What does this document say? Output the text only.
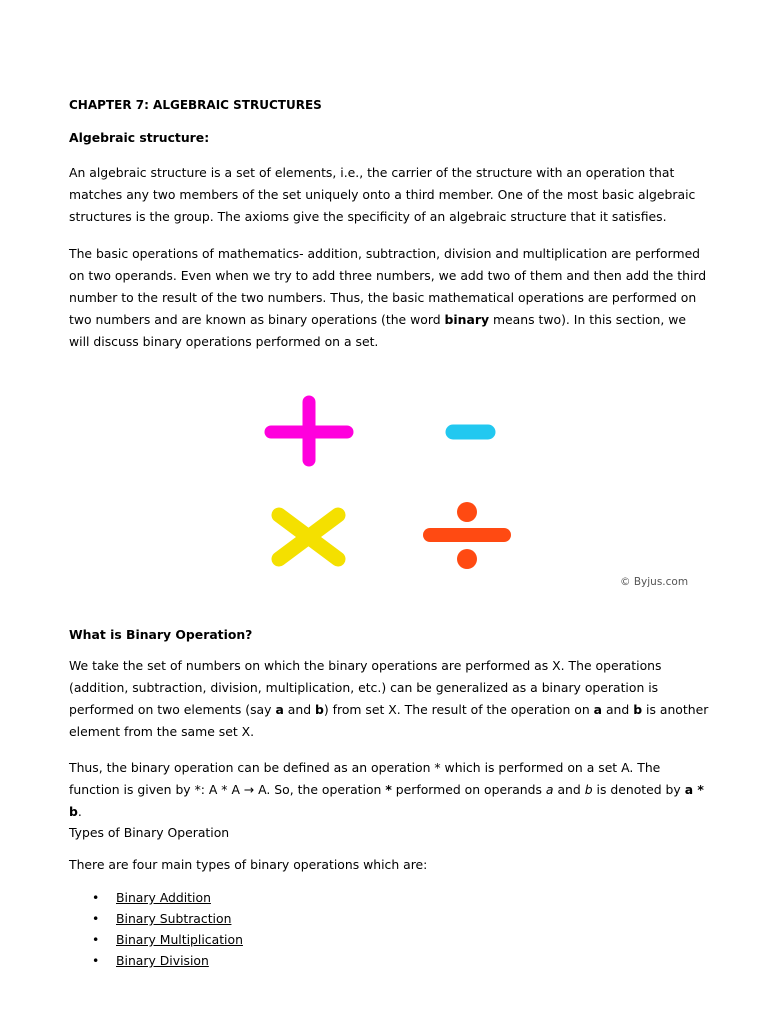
CHAPTER 7: ALGEBRAIC STRUCTURES

Algebraic structure:

An algebraic structure is a set of elements, i.e., the carrier of the structure with an operation that matches any two members of the set uniquely onto a third member. One of the most basic algebraic structures is the group. The axioms give the specificity of an algebraic structure that it satisfies.

The basic operations of mathematics- addition, subtraction, division and multiplication are performed on two operands. Even when we try to add three numbers, we add two of them and then add the third number to the result of the two numbers. Thus, the basic mathematical operations are performed on two numbers and are known as binary operations (the word binary means two). In this section, we will discuss binary operations performed on a set.

© Byjus.com

What is Binary Operation?

We take the set of numbers on which the binary operations are performed as X. The operations (addition, subtraction, division, multiplication, etc.) can be generalized as a binary operation is performed on two elements (say a and b) from set X. The result of the operation on a and b is another element from the same set X.

Thus, the binary operation can be defined as an operation * which is performed on a set A. The function is given by *: A * A → A. So, the operation * performed on operands a and b is denoted by a * b.

Types of Binary Operation

There are four main types of binary operations which are:

• Binary Addition
• Binary Subtraction
• Binary Multiplication
• Binary Division
